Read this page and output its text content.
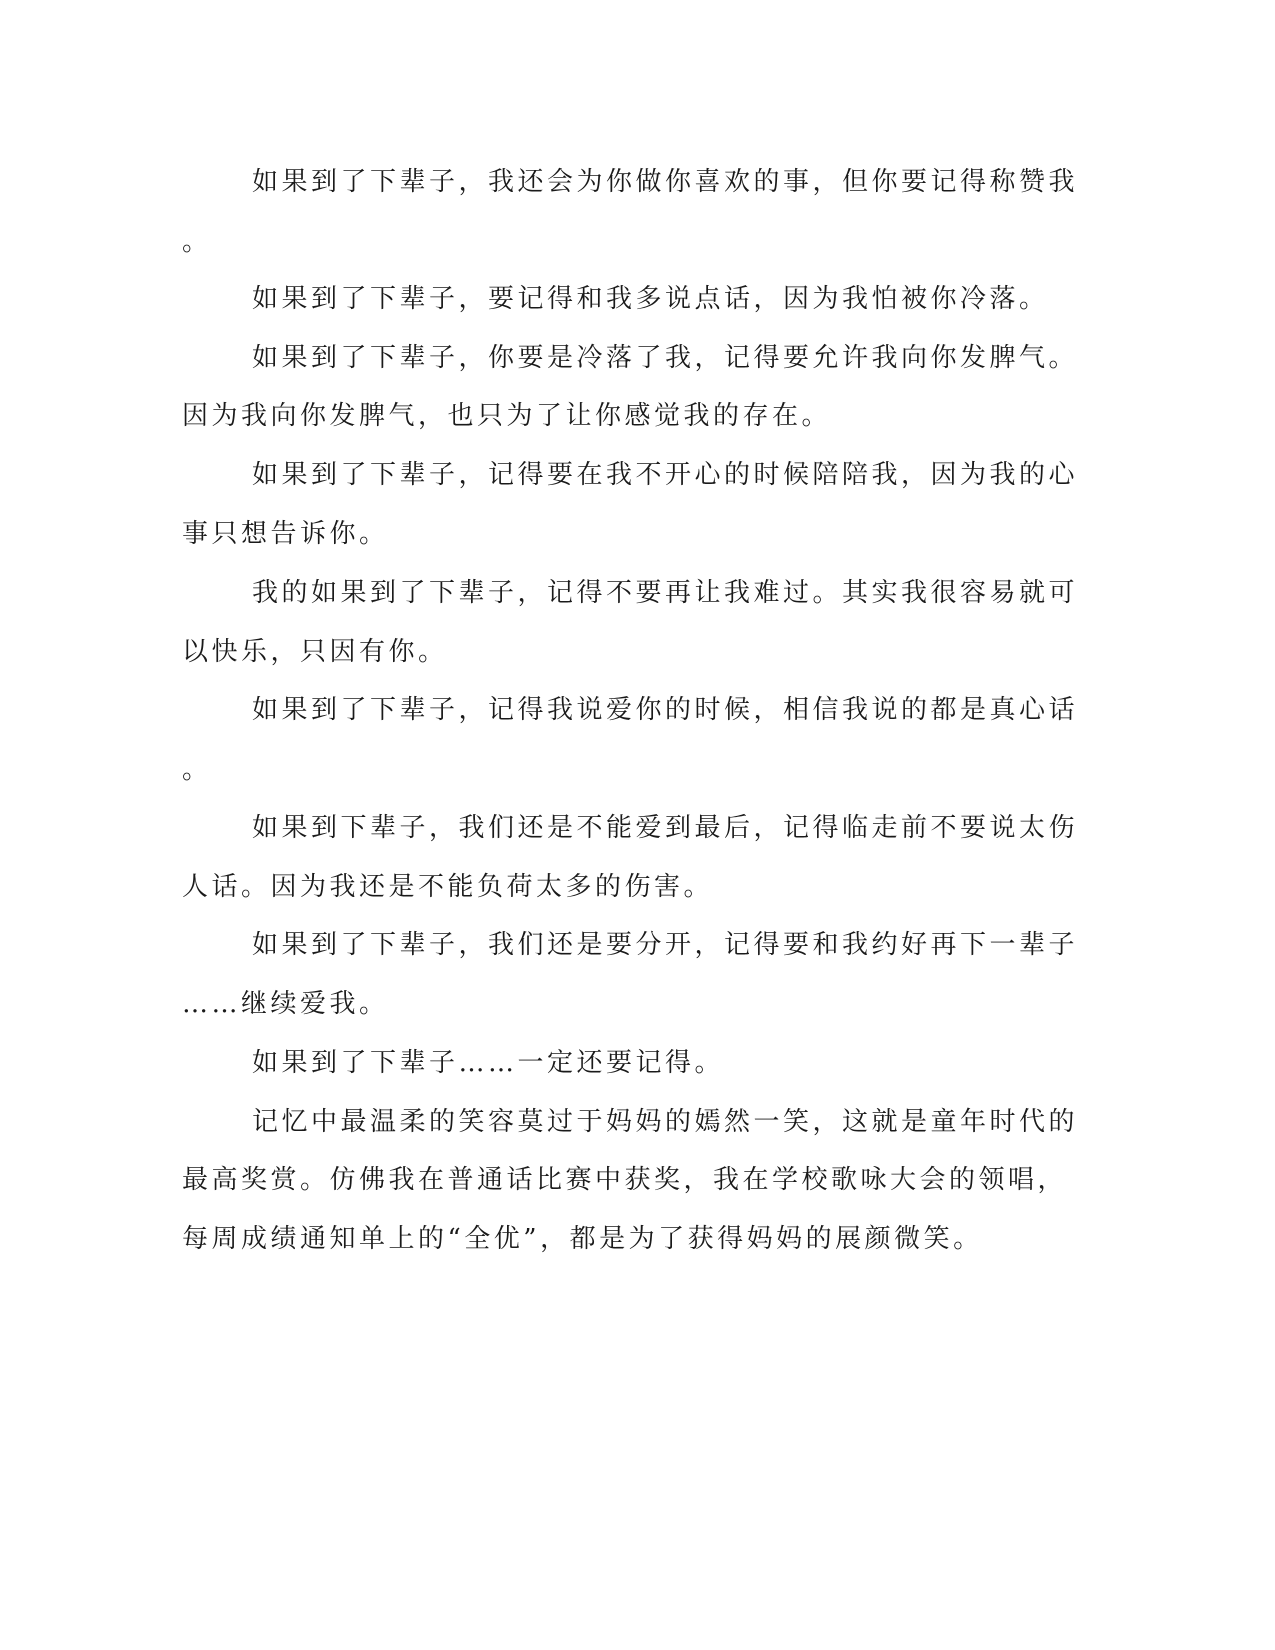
如果到了下辈子，我还会为你做你喜欢的事，但你要记得称赞我
。
如果到了下辈子，要记得和我多说点话，因为我怕被你冷落。
如果到了下辈子，你要是冷落了我，记得要允许我向你发脾气。
因为我向你发脾气，也只为了让你感觉我的存在。
如果到了下辈子，记得要在我不开心的时候陪陪我，因为我的心
事只想告诉你。
我的如果到了下辈子，记得不要再让我难过。其实我很容易就可
以快乐，只因有你。
如果到了下辈子，记得我说爱你的时候，相信我说的都是真心话
。
如果到下辈子，我们还是不能爱到最后，记得临走前不要说太伤
人话。因为我还是不能负荷太多的伤害。
如果到了下辈子，我们还是要分开，记得要和我约好再下一辈子
……继续爱我。
如果到了下辈子……一定还要记得。
记忆中最温柔的笑容莫过于妈妈的嫣然一笑，这就是童年时代的
最高奖赏。仿佛我在普通话比赛中获奖，我在学校歌咏大会的领唱，
每周成绩通知单上的“全优”，都是为了获得妈妈的展颜微笑。
